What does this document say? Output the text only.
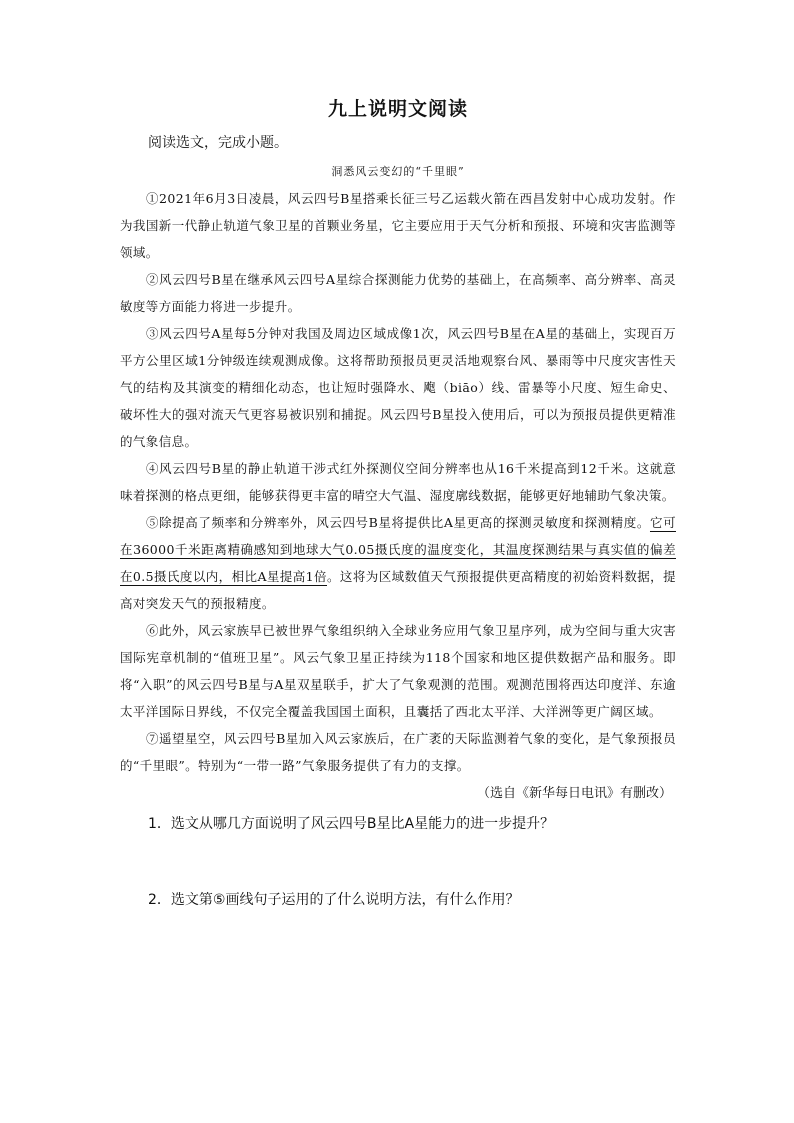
九上说明文阅读

阅读选文，完成小题。

洞悉风云变幻的“千里眼”

①2021年6月3日凌晨，风云四号B星搭乘长征三号乙运载火箭在西昌发射中心成功发射。作为我国新一代静止轨道气象卫星的首颗业务星，它主要应用于天气分析和预报、环境和灾害监测等领域。

②风云四号B星在继承风云四号A星综合探测能力优势的基础上，在高频率、高分辨率、高灵敏度等方面能力将进一步提升。

③风云四号A星每5分钟对我国及周边区域成像1次，风云四号B星在A星的基础上，实现百万平方公里区域1分钟级连续观测成像。这将帮助预报员更灵活地观察台风、暴雨等中尺度灾害性天气的结构及其演变的精细化动态，也让短时强降水、飑（biāo）线、雷暴等小尺度、短生命史、破坏性大的强对流天气更容易被识别和捕捉。风云四号B星投入使用后，可以为预报员提供更精准的气象信息。

④风云四号B星的静止轨道干涉式红外探测仪空间分辨率也从16千米提高到12千米。这就意味着探测的格点更细，能够获得更丰富的晴空大气温、湿度廓线数据，能够更好地辅助气象决策。

⑤除提高了频率和分辨率外，风云四号B星将提供比A星更高的探测灵敏度和探测精度。它可在36000千米距离精确感知到地球大气0.05摄氏度的温度变化，其温度探测结果与真实值的偏差在0.5摄氏度以内，相比A星提高1倍。这将为区域数值天气预报提供更高精度的初始资料数据，提高对突发天气的预报精度。

⑥此外，风云家族早已被世界气象组织纳入全球业务应用气象卫星序列，成为空间与重大灾害国际宪章机制的“值班卫星”。风云气象卫星正持续为118个国家和地区提供数据产品和服务。即将“入职”的风云四号B星与A星双星联手，扩大了气象观测的范围。观测范围将西达印度洋、东逾太平洋国际日界线，不仅完全覆盖我国国土面积，且囊括了西北太平洋、大洋洲等更广阔区域。

⑦遥望星空，风云四号B星加入风云家族后，在广袤的天际监测着气象的变化，是气象预报员的“千里眼”。特别为“一带一路”气象服务提供了有力的支撑。

（选自《新华每日电讯》有删改）

1．选文从哪几方面说明了风云四号B星比A星能力的进一步提升？

2．选文第⑤画线句子运用的了什么说明方法，有什么作用？
